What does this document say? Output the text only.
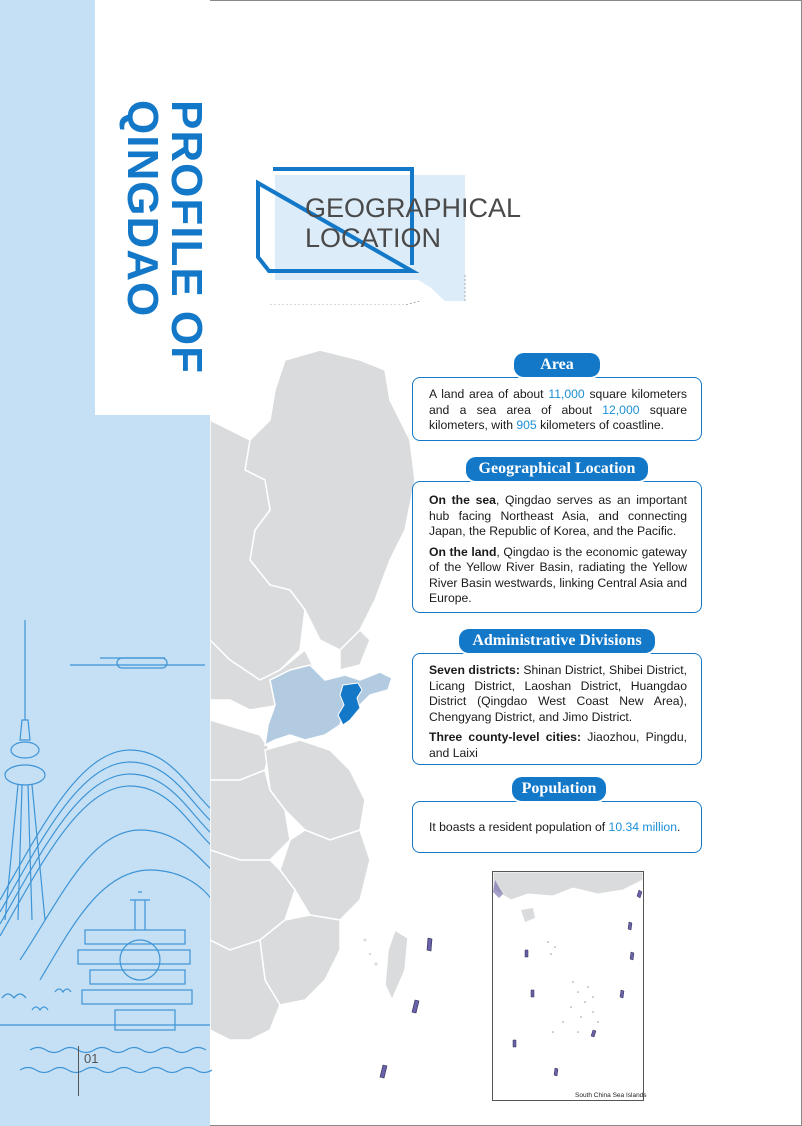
PROFILE OF
QINGDAO
01
GEOGRAPHICAL
LOCATION
Area

A land area of about 11,000 square kilometers and a sea area of about 12,000 square kilometers, with 905 kilometers of coastline.

Geographical Location

On the sea, Qingdao serves as an important hub facing Northeast Asia, and connecting Japan, the Republic of Korea, and the Pacific.

On the land, Qingdao is the economic gateway of the Yellow River Basin, radiating the Yellow River Basin westwards, linking Central Asia and Europe.

Administrative Divisions

Seven districts: Shinan District, Shibei District, Licang District, Laoshan District, Huangdao District (Qingdao West Coast New Area), Chengyang District, and Jimo District.

Three county-level cities: Jiaozhou, Pingdu, and Laixi

Population

It boasts a resident population of 10.34 million.

South China Sea Islands
